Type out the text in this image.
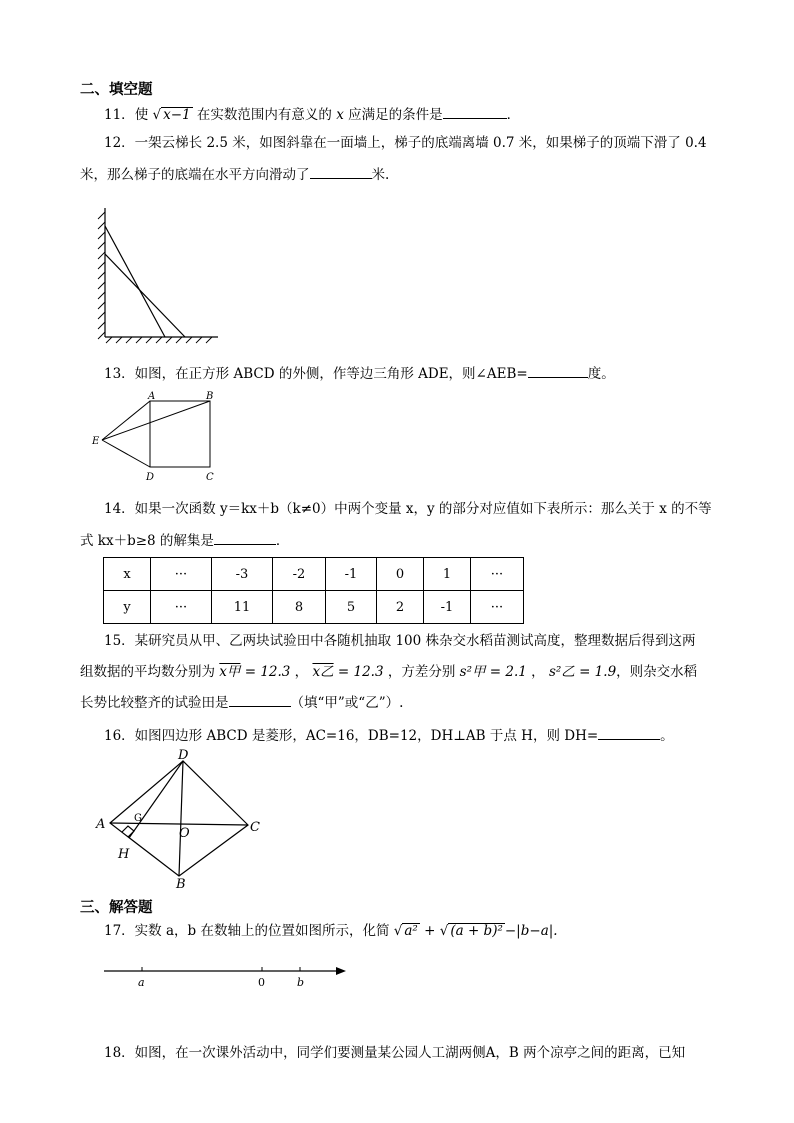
二、填空题
11．使 √ x−1 在实数范围内有意义的 x 应满足的条件是	．
12．一架云梯长 2.5 米，如图斜靠在一面墙上，梯子的底端离墙 0.7 米，如果梯子的顶端下滑了 0.4
米，那么梯子的底端在水平方向滑动了	米.
13．如图，在正方形 ABCD 的外侧，作等边三角形 ADE，则∠AEB=	度。
A	B
C
D
E
14．如果一次函数 y＝kx＋b（k≠0）中两个变量 x，y 的部分对应值如下表所示：那么关于 x 的不等
式 kx＋b≥8 的解集是	．
x	···	-3	-2	-1	0	1	···
y	···	11	8	5	2	-1	···
15．某研究员从甲、乙两块试验田中各随机抽取 100 株杂交水稻苗测试高度，整理数据后得到这两
组数据的平均数分别为 x甲 = 12.3 ， x乙 = 12.3 ，方差分别 s²甲 = 2.1 ， s²乙 = 1.9，则杂交水稻
长势比较整齐的试验田是	（填“甲”或“乙”）.
16．如图四边形 ABCD 是菱形，AC=16，DB=12，DH⊥AB 于点 H，则 DH=	。
D
A	C
B
O
H
G
三、解答题
17．实数 a，b 在数轴上的位置如图所示，化简 √ a² + √ (a + b)² −|b−a|.
a	0	b
18．如图，在一次课外活动中，同学们要测量某公园人工湖两侧A，B 两个凉亭之间的距离，已知
